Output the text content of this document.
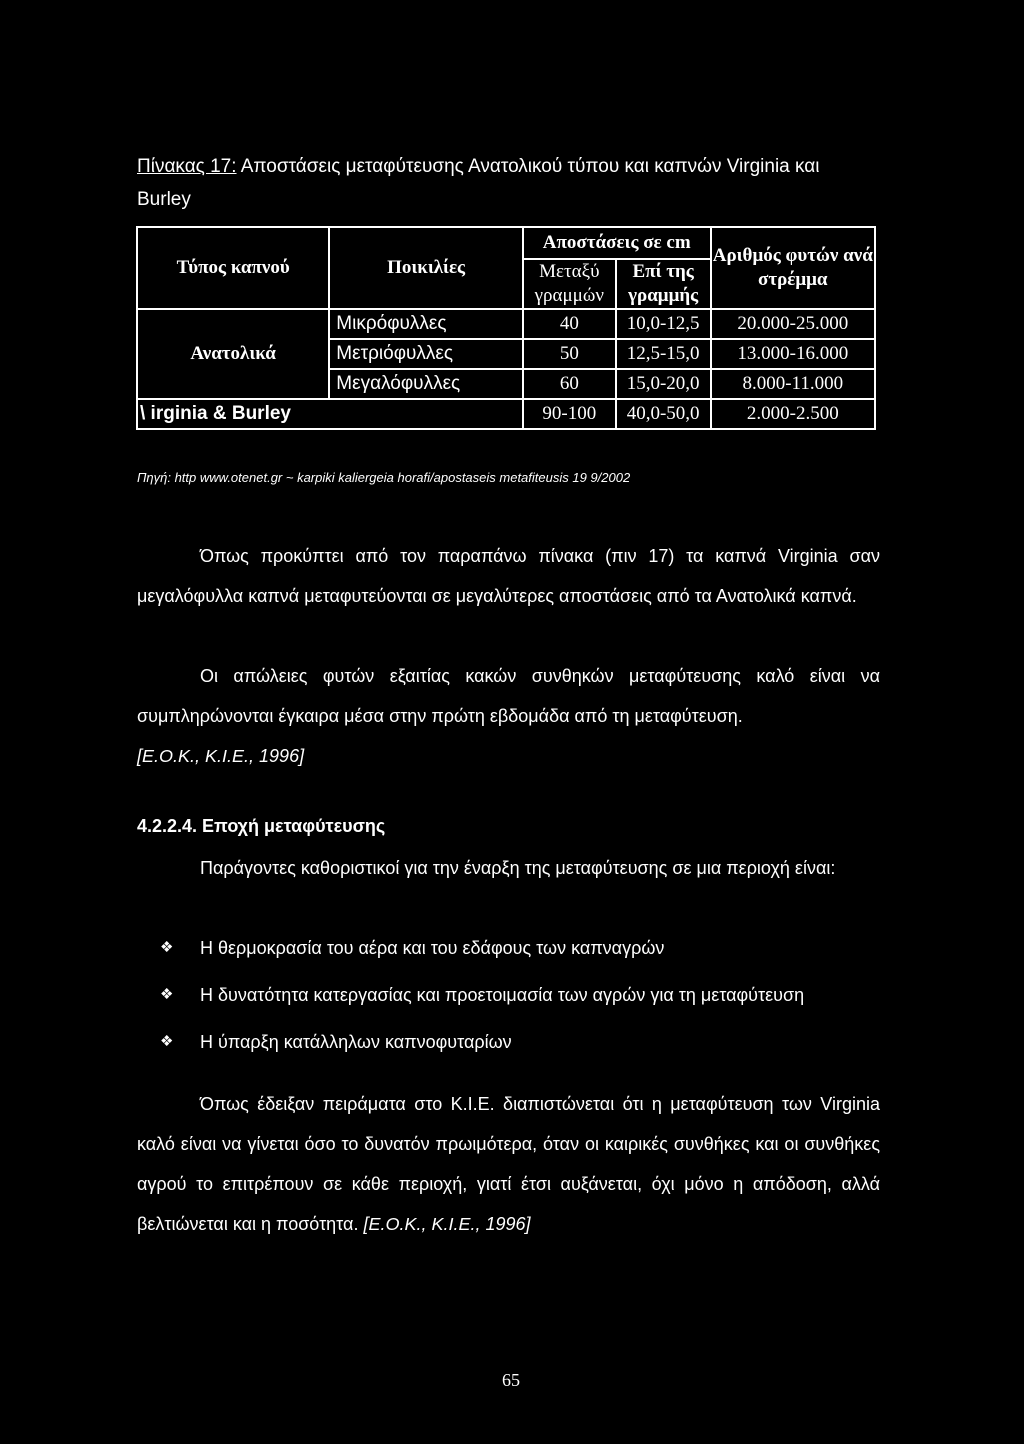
Πίνακας 17: Αποστάσεις μεταφύτευσης Ανατολικού τύπου και καπνών Virginia και Burley
Τύπος καπνού	Ποικιλίες	Αποστάσεις σε cm		Αριθμός φυτών ανά στρέμμα
		Μεταξύ γραμμών	Επί της γραμμής	

Ανατολικά	Μικρόφυλλες	40	10,0-12,5	20.000-25.000
	Μετριόφυλλες	50	12,5-15,0	13.000-16.000
	Μεγαλόφυλλες	60	15,0-20,0	8.000-11.000
\ irginia & Burley		90-100	40,0-50,0	2.000-2.500
Πηγή: http www.otenet.gr ~ karpiki kaliergeia horafi/apostaseis metafiteusis 19 9/2002
Όπως προκύπτει από τον παραπάνω πίνακα (πιν 17) τα καπνά Virginia σαν μεγαλόφυλλα καπνά μεταφυτεύονται σε μεγαλύτερες αποστάσεις από τα Ανατολικά καπνά.
Οι απώλειες φυτών εξαιτίας κακών συνθηκών μεταφύτευσης καλό είναι να συμπληρώνονται έγκαιρα μέσα στην πρώτη εβδομάδα από τη μεταφύτευση.
[Ε.Ο.Κ., Κ.Ι.Ε., 1996]
4.2.2.4. Εποχή μεταφύτευσης
Παράγοντες καθοριστικοί για την έναρξη της μεταφύτευσης σε μια περιοχή είναι:
❖ Η θερμοκρασία του αέρα και του εδάφους των καπναγρών
❖ Η δυνατότητα κατεργασίας και προετοιμασία των αγρών για τη μεταφύτευση
❖ Η ύπαρξη κατάλληλων καπνοφυταρίων
Όπως έδειξαν πειράματα στο Κ.Ι.Ε. διαπιστώνεται ότι η μεταφύτευση των Virginia καλό είναι να γίνεται όσο το δυνατόν πρωιμότερα, όταν οι καιρικές συνθήκες και οι συνθήκες αγρού το επιτρέπουν σε κάθε περιοχή, γιατί έτσι αυξάνεται, όχι μόνο η απόδοση, αλλά βελτιώνεται και η ποσότητα. [Ε.Ο.Κ., Κ.Ι.Ε., 1996]
65
